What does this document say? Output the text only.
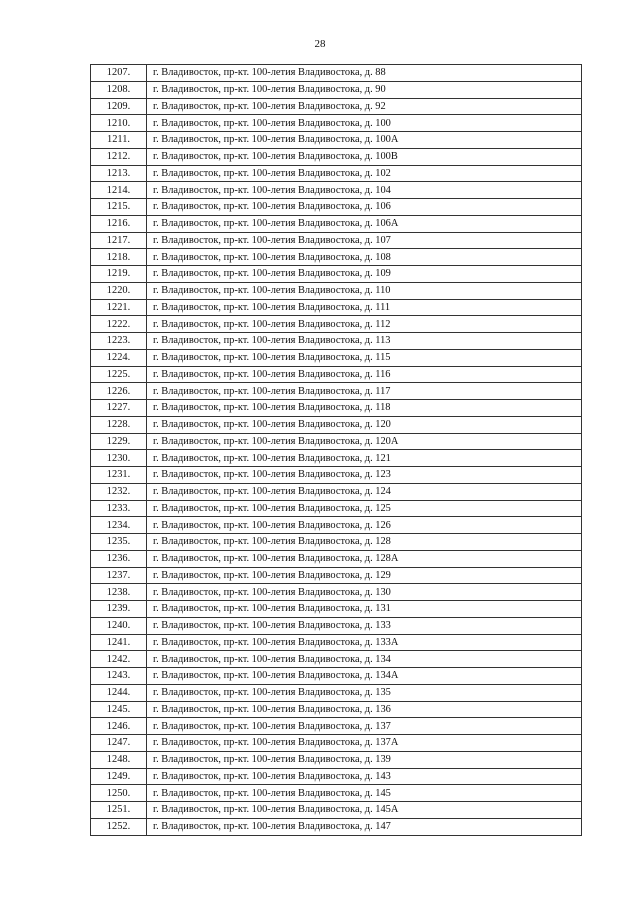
28
1207.	г. Владивосток, пр-кт. 100-летия Владивостока, д. 88
1208.	г. Владивосток, пр-кт. 100-летия Владивостока, д. 90
1209.	г. Владивосток, пр-кт. 100-летия Владивостока, д. 92
1210.	г. Владивосток, пр-кт. 100-летия Владивостока, д. 100
1211.	г. Владивосток, пр-кт. 100-летия Владивостока, д. 100А
1212.	г. Владивосток, пр-кт. 100-летия Владивостока, д. 100В
1213.	г. Владивосток, пр-кт. 100-летия Владивостока, д. 102
1214.	г. Владивосток, пр-кт. 100-летия Владивостока, д. 104
1215.	г. Владивосток, пр-кт. 100-летия Владивостока, д. 106
1216.	г. Владивосток, пр-кт. 100-летия Владивостока, д. 106А
1217.	г. Владивосток, пр-кт. 100-летия Владивостока, д. 107
1218.	г. Владивосток, пр-кт. 100-летия Владивостока, д. 108
1219.	г. Владивосток, пр-кт. 100-летия Владивостока, д. 109
1220.	г. Владивосток, пр-кт. 100-летия Владивостока, д. 110
1221.	г. Владивосток, пр-кт. 100-летия Владивостока, д. 111
1222.	г. Владивосток, пр-кт. 100-летия Владивостока, д. 112
1223.	г. Владивосток, пр-кт. 100-летия Владивостока, д. 113
1224.	г. Владивосток, пр-кт. 100-летия Владивостока, д. 115
1225.	г. Владивосток, пр-кт. 100-летия Владивостока, д. 116
1226.	г. Владивосток, пр-кт. 100-летия Владивостока, д. 117
1227.	г. Владивосток, пр-кт. 100-летия Владивостока, д. 118
1228.	г. Владивосток, пр-кт. 100-летия Владивостока, д. 120
1229.	г. Владивосток, пр-кт. 100-летия Владивостока, д. 120А
1230.	г. Владивосток, пр-кт. 100-летия Владивостока, д. 121
1231.	г. Владивосток, пр-кт. 100-летия Владивостока, д. 123
1232.	г. Владивосток, пр-кт. 100-летия Владивостока, д. 124
1233.	г. Владивосток, пр-кт. 100-летия Владивостока, д. 125
1234.	г. Владивосток, пр-кт. 100-летия Владивостока, д. 126
1235.	г. Владивосток, пр-кт. 100-летия Владивостока, д. 128
1236.	г. Владивосток, пр-кт. 100-летия Владивостока, д. 128А
1237.	г. Владивосток, пр-кт. 100-летия Владивостока, д. 129
1238.	г. Владивосток, пр-кт. 100-летия Владивостока, д. 130
1239.	г. Владивосток, пр-кт. 100-летия Владивостока, д. 131
1240.	г. Владивосток, пр-кт. 100-летия Владивостока, д. 133
1241.	г. Владивосток, пр-кт. 100-летия Владивостока, д. 133А
1242.	г. Владивосток, пр-кт. 100-летия Владивостока, д. 134
1243.	г. Владивосток, пр-кт. 100-летия Владивостока, д. 134А
1244.	г. Владивосток, пр-кт. 100-летия Владивостока, д. 135
1245.	г. Владивосток, пр-кт. 100-летия Владивостока, д. 136
1246.	г. Владивосток, пр-кт. 100-летия Владивостока, д. 137
1247.	г. Владивосток, пр-кт. 100-летия Владивостока, д. 137А
1248.	г. Владивосток, пр-кт. 100-летия Владивостока, д. 139
1249.	г. Владивосток, пр-кт. 100-летия Владивостока, д. 143
1250.	г. Владивосток, пр-кт. 100-летия Владивостока, д. 145
1251.	г. Владивосток, пр-кт. 100-летия Владивостока, д. 145А
1252.	г. Владивосток, пр-кт. 100-летия Владивостока, д. 147
